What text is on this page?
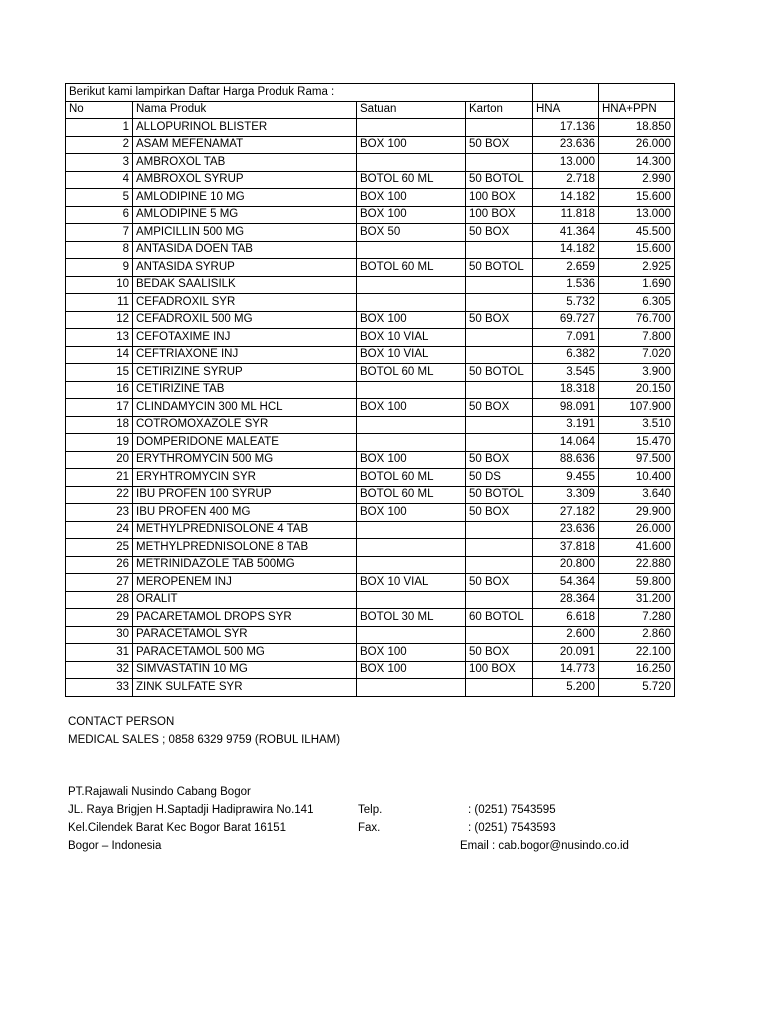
Berikut kami lampirkan Daftar Harga Produk Rama :					
No	Nama Produk	Satuan	Karton	HNA	HNA+PPN
1	ALLOPURINOL BLISTER			17.136	18.850
2	ASAM MEFENAMAT	BOX 100	50 BOX	23.636	26.000
3	AMBROXOL TAB			13.000	14.300
4	AMBROXOL SYRUP	BOTOL 60 ML	50 BOTOL	2.718	2.990
5	AMLODIPINE 10 MG	BOX 100	100 BOX	14.182	15.600
6	AMLODIPINE 5 MG	BOX 100	100 BOX	11.818	13.000
7	AMPICILLIN 500 MG	BOX 50	50 BOX	41.364	45.500
8	ANTASIDA DOEN TAB			14.182	15.600
9	ANTASIDA SYRUP	BOTOL 60 ML	50 BOTOL	2.659	2.925
10	BEDAK SAALISILK			1.536	1.690
11	CEFADROXIL SYR			5.732	6.305
12	CEFADROXIL 500 MG	BOX 100	50 BOX	69.727	76.700
13	CEFOTAXIME INJ	BOX 10 VIAL		7.091	7.800
14	CEFTRIAXONE INJ	BOX 10 VIAL		6.382	7.020
15	CETIRIZINE SYRUP	BOTOL 60 ML	50 BOTOL	3.545	3.900
16	CETIRIZINE TAB			18.318	20.150
17	CLINDAMYCIN 300 ML HCL	BOX 100	50 BOX	98.091	107.900
18	COTROMOXAZOLE SYR			3.191	3.510
19	DOMPERIDONE MALEATE			14.064	15.470
20	ERYTHROMYCIN 500 MG	BOX 100	50 BOX	88.636	97.500
21	ERYHTROMYCIN SYR	BOTOL 60 ML	50 DS	9.455	10.400
22	IBU PROFEN 100 SYRUP	BOTOL 60 ML	50 BOTOL	3.309	3.640
23	IBU PROFEN 400 MG	BOX 100	50 BOX	27.182	29.900
24	METHYLPREDNISOLONE 4 TAB			23.636	26.000
25	METHYLPREDNISOLONE 8 TAB			37.818	41.600
26	METRINIDAZOLE TAB 500MG			20.800	22.880
27	MEROPENEM INJ	BOX 10 VIAL	50 BOX	54.364	59.800
28	ORALIT			28.364	31.200
29	PACARETAMOL DROPS SYR	BOTOL 30 ML	60 BOTOL	6.618	7.280
30	PARACETAMOL SYR			2.600	2.860
31	PARACETAMOL 500 MG	BOX 100	50 BOX	20.091	22.100
32	SIMVASTATIN 10 MG	BOX 100	100 BOX	14.773	16.250
33	ZINK SULFATE SYR			5.200	5.720
CONTACT PERSON
MEDICAL SALES ; 0858 6329 9759 (ROBUL ILHAM)
PT.Rajawali Nusindo Cabang Bogor
JL. Raya Brigjen H.Saptadji Hadiprawira No.141	Telp.	: (0251) 7543595
Kel.Cilendek Barat Kec Bogor Barat 16151	Fax.	: (0251) 7543593
Bogor – Indonesia	Email : cab.bogor@nusindo.co.id
